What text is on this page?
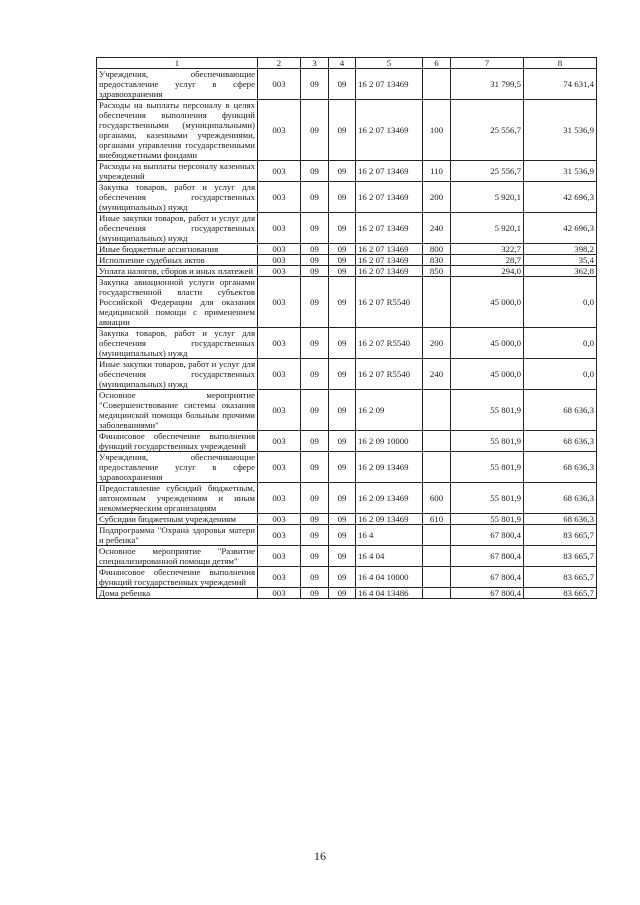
1	2	3	4	5	6	7	8
Учреждения, обеспечивающие предоставление услуг в сфере здравоохранения	003	09	09	16 2 07 13469		31 799,5	74 631,4
Расходы на выплаты персоналу в целях обеспечения выполнения функций государственными (муниципальными) органами, казенными учреждениями, органами управления государственными внебюджетными фондами	003	09	09	16 2 07 13469	100	25 556,7	31 536,9
Расходы на выплаты персоналу казенных учреждений	003	09	09	16 2 07 13469	110	25 556,7	31 536,9
Закупка товаров, работ и услуг для обеспечения государственных (муниципальных) нужд	003	09	09	16 2 07 13469	200	5 920,1	42 696,3
Иные закупки товаров, работ и услуг для обеспечения государственных (муниципальных) нужд	003	09	09	16 2 07 13469	240	5 920,1	42 696,3
Иные бюджетные ассигнования	003	09	09	16 2 07 13469	800	322,7	398,2
Исполнение судебных актов	003	09	09	16 2 07 13469	830	28,7	35,4
Уплата налогов, сборов и иных платежей	003	09	09	16 2 07 13469	850	294,0	362,8
Закупка авиационной услуги органами государственной власти субъектов Российской Федерации для оказания медицинской помощи с применением авиации	003	09	09	16 2 07 R5540		45 000,0	0,0
Закупка товаров, работ и услуг для обеспечения государственных (муниципальных) нужд	003	09	09	16 2 07 R5540	200	45 000,0	0,0
Иные закупки товаров, работ и услуг для обеспечения государственных (муниципальных) нужд	003	09	09	16 2 07 R5540	240	45 000,0	0,0
Основное мероприятие "Совершенствование системы оказания медицинской помощи больным прочими заболеваниями"	003	09	09	16 2 09		55 801,9	68 636,3
Финансовое обеспечение выполнения функций государственных учреждений	003	09	09	16 2 09 10000		55 801,9	68 636,3
Учреждения, обеспечивающие предоставление услуг в сфере здравоохранения	003	09	09	16 2 09 13469		55 801,9	68 636,3
Предоставление субсидий бюджетным, автономным учреждениям и иным некоммерческим организациям	003	09	09	16 2 09 13469	600	55 801,9	68 636,3
Субсидии бюджетным учреждениям	003	09	09	16 2 09 13469	610	55 801,9	68 636,3
Подпрограмма "Охрана здоровья матери и ребенка"	003	09	09	16 4		67 800,4	83 665,7
Основное мероприятие "Развитие специализированной помощи детям"	003	09	09	16 4 04		67 800,4	83 665,7
Финансовое обеспечение выполнения функций государственных учреждений	003	09	09	16 4 04 10000		67 800,4	83 665,7
Дома ребенка	003	09	09	16 4 04 13486		67 800,4	83 665,7
16
